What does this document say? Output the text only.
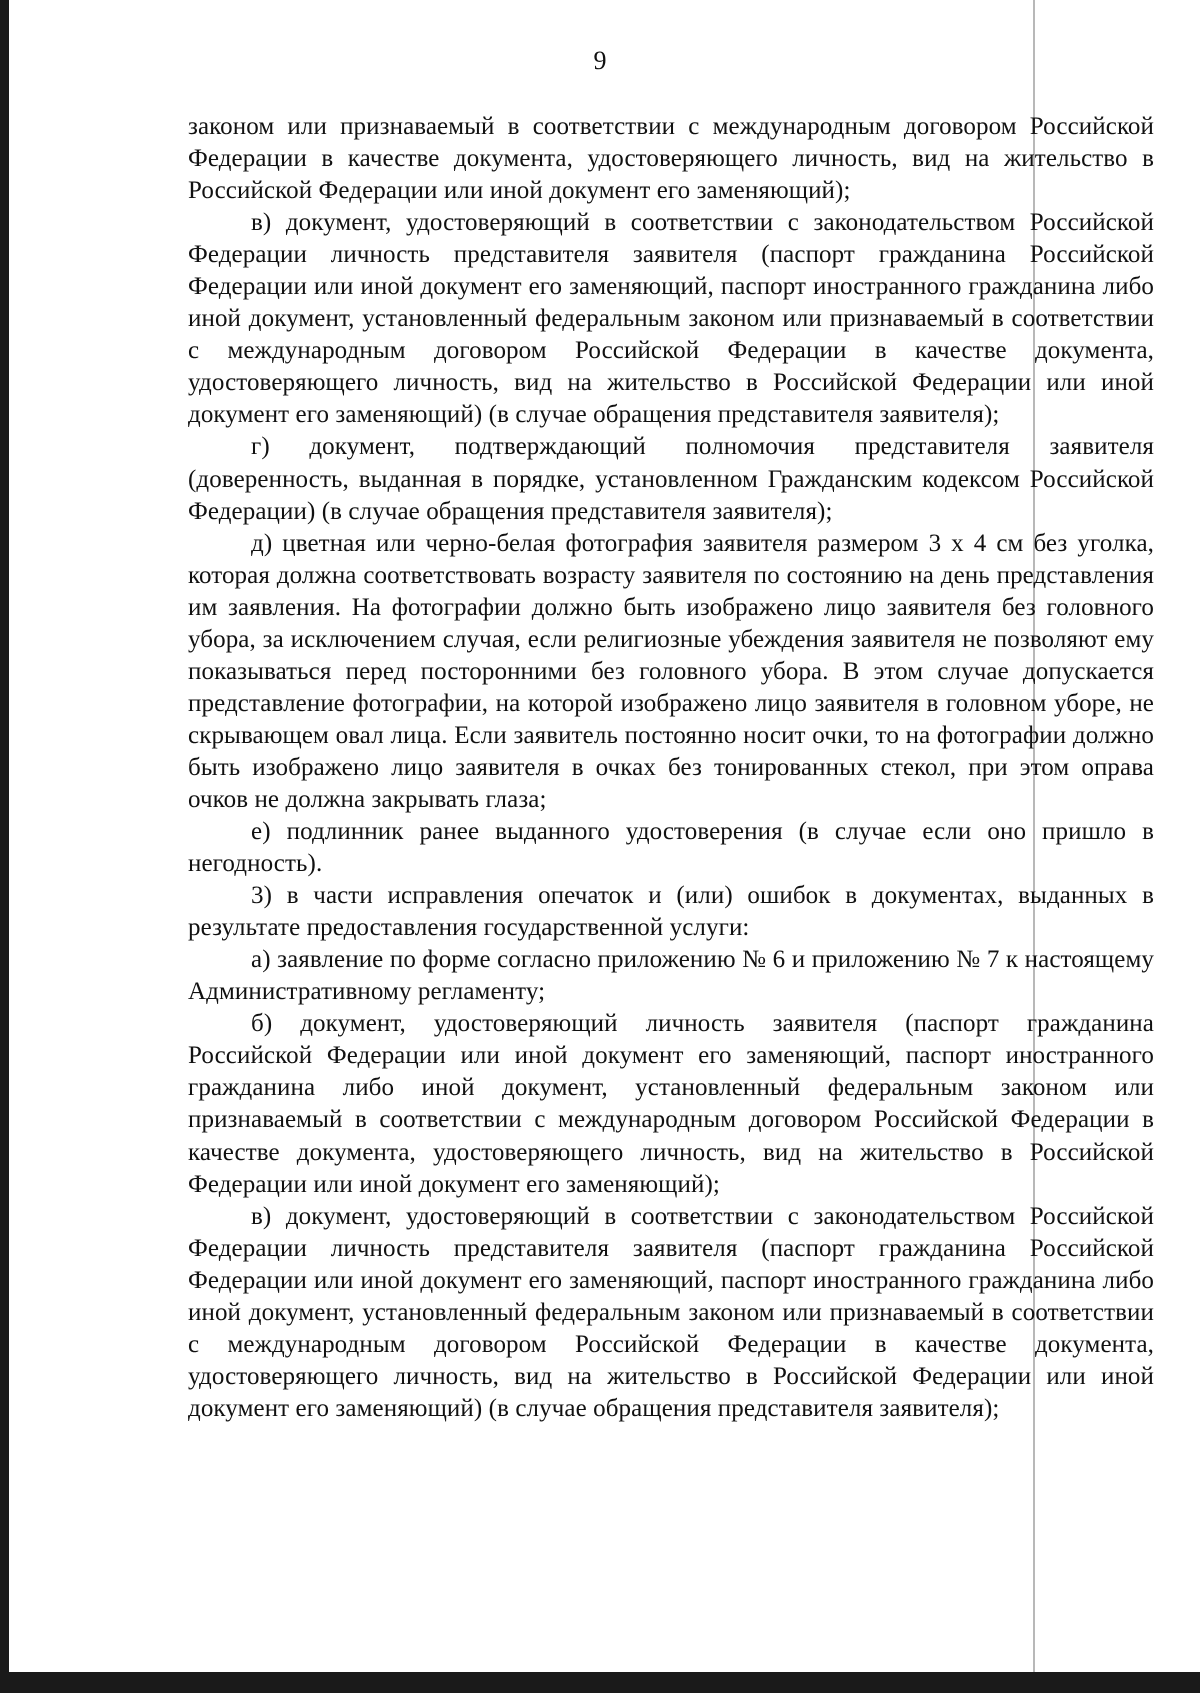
9

законом или признаваемый в соответствии с международным договором Российской Федерации в качестве документа, удостоверяющего личность, вид на жительство в Российской Федерации или иной документ его заменяющий);

в) документ, удостоверяющий в соответствии с законодательством Российской Федерации личность представителя заявителя (паспорт гражданина Российской Федерации или иной документ его заменяющий, паспорт иностранного гражданина либо иной документ, установленный федеральным законом или признаваемый в соответствии с международным договором Российской Федерации в качестве документа, удостоверяющего личность, вид на жительство в Российской Федерации или иной документ его заменяющий) (в случае обращения представителя заявителя);

г) документ, подтверждающий полномочия представителя заявителя (доверенность, выданная в порядке, установленном Гражданским кодексом Российской Федерации) (в случае обращения представителя заявителя);

д) цветная или черно-белая фотография заявителя размером 3 x 4 см без уголка, которая должна соответствовать возрасту заявителя по состоянию на день представления им заявления. На фотографии должно быть изображено лицо заявителя без головного убора, за исключением случая, если религиозные убеждения заявителя не позволяют ему показываться перед посторонними без головного убора. В этом случае допускается представление фотографии, на которой изображено лицо заявителя в головном уборе, не скрывающем овал лица. Если заявитель постоянно носит очки, то на фотографии должно быть изображено лицо заявителя в очках без тонированных стекол, при этом оправа очков не должна закрывать глаза;

е) подлинник ранее выданного удостоверения (в случае если оно пришло в негодность).

3) в части исправления опечаток и (или) ошибок в документах, выданных в результате предоставления государственной услуги:

а) заявление по форме согласно приложению № 6 и приложению № 7 к настоящему Административному регламенту;

б) документ, удостоверяющий личность заявителя (паспорт гражданина Российской Федерации или иной документ его заменяющий, паспорт иностранного гражданина либо иной документ, установленный федеральным законом или признаваемый в соответствии с международным договором Российской Федерации в качестве документа, удостоверяющего личность, вид на жительство в Российской Федерации или иной документ его заменяющий);

в) документ, удостоверяющий в соответствии с законодательством Российской Федерации личность представителя заявителя (паспорт гражданина Российской Федерации или иной документ его заменяющий, паспорт иностранного гражданина либо иной документ, установленный федеральным законом или признаваемый в соответствии с международным договором Российской Федерации в качестве документа, удостоверяющего личность, вид на жительство в Российской Федерации или иной документ его заменяющий) (в случае обращения представителя заявителя);
